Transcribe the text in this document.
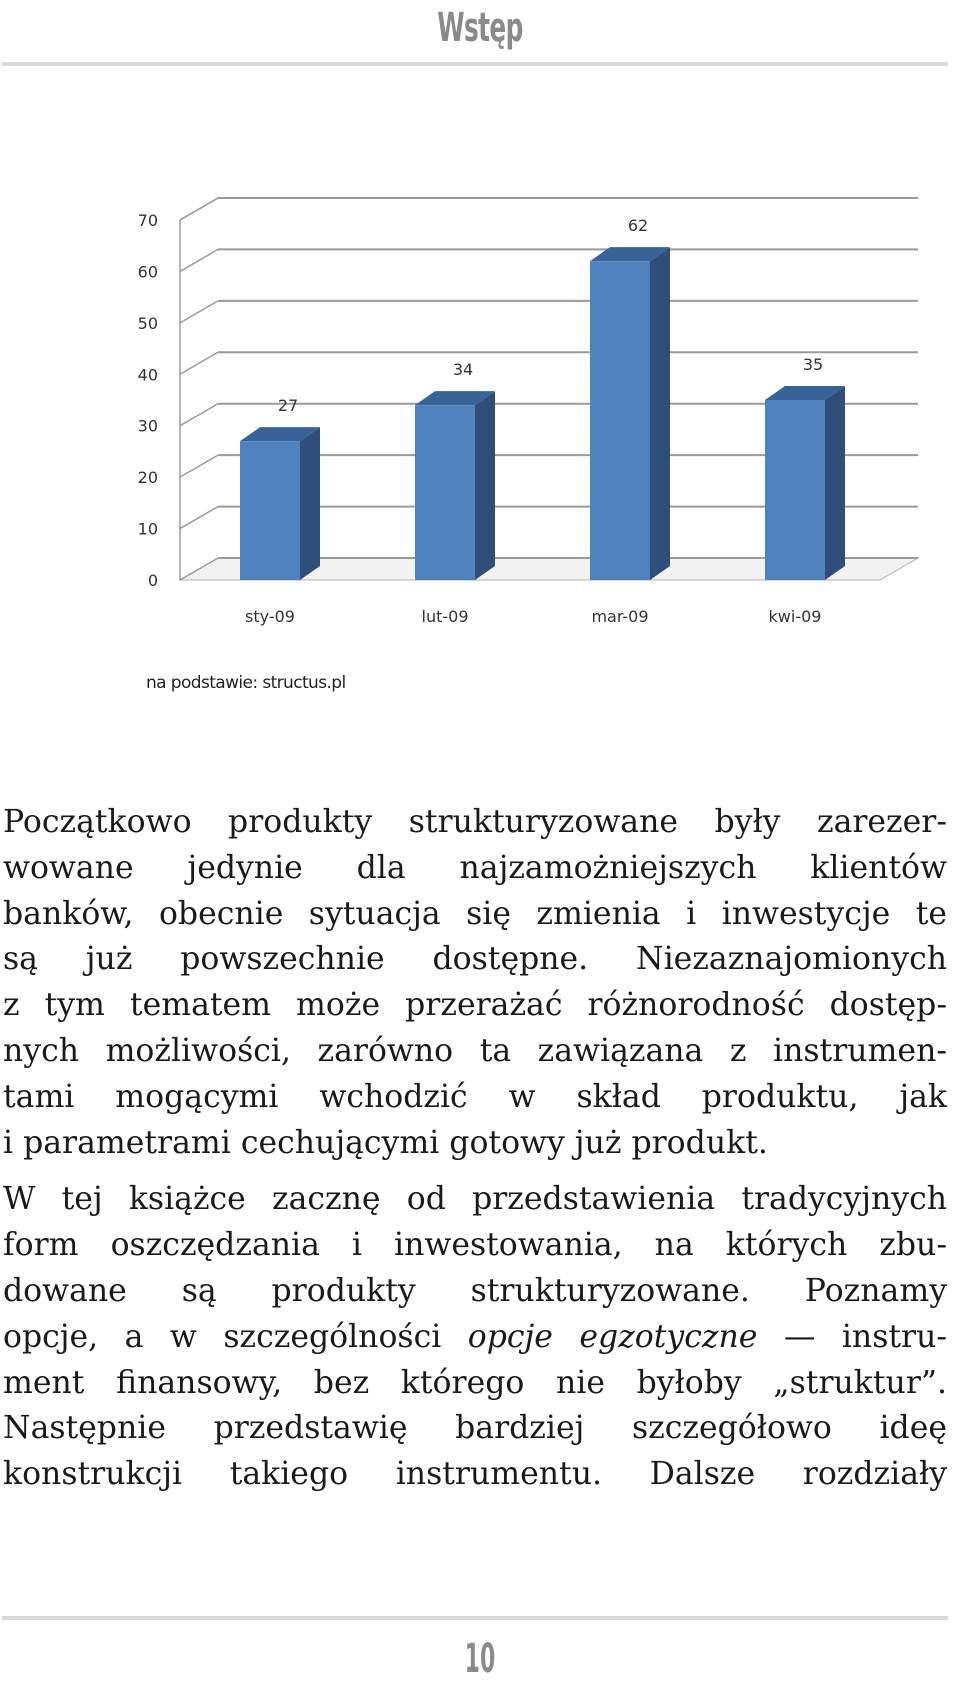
Wstęp
0
10
20
30
40
50
60
70
27
sty-09
34
lut-09
62
mar-09
35
kwi-09
na podstawie: structus.pl

Początkowo produkty strukturyzowane były zarezer-
wowane jedynie dla najzamożniejszych klientów
banków, obecnie sytuacja się zmienia i inwestycje te
są już powszechnie dostępne. Niezaznajomionych
z tym tematem może przerażać różnorodność dostęp-
nych możliwości, zarówno ta zawiązana z instrumen-
tami mogącymi wchodzić w skład produktu, jak
i parametrami cechującymi gotowy już produkt.

W tej książce zacznę od przedstawienia tradycyjnych
form oszczędzania i inwestowania, na których zbu-
dowane są produkty strukturyzowane. Poznamy
opcje, a w szczególności opcje egzotyczne — instru-
ment finansowy, bez którego nie byłoby „struktur”.
Następnie przedstawię bardziej szczegółowo ideę
konstrukcji takiego instrumentu. Dalsze rozdziały

10
